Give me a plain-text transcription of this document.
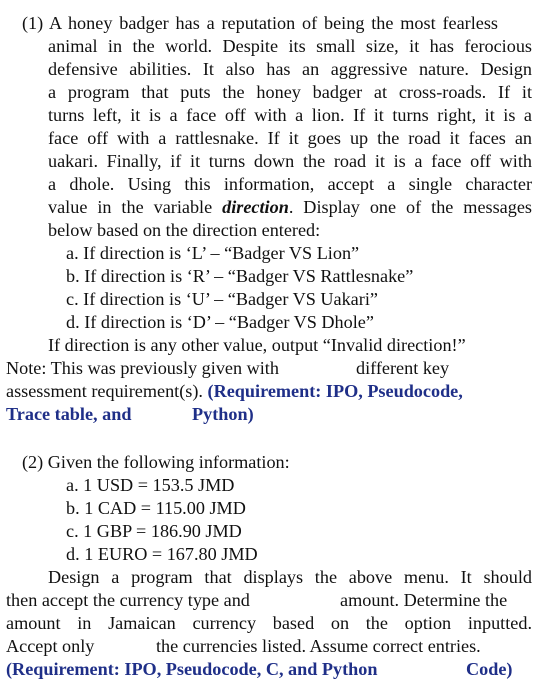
(1) A honey badger has a reputation of being the most fearless
animal in the world. Despite its small size, it has ferocious
defensive abilities. It also has an aggressive nature. Design
a program that puts the honey badger at cross-roads. If it
turns left, it is a face off with a lion. If it turns right, it is a
face off with a rattlesnake. If it goes up the road it faces an
uakari. Finally, if it turns down the road it is a face off with
a dhole. Using this information, accept a single character
value in the variable direction. Display one of the messages
below based on the direction entered:
a. If direction is ‘L’ – “Badger VS Lion”
b. If direction is ‘R’ – “Badger VS Rattlesnake”
c. If direction is ‘U’ – “Badger VS Uakari”
d. If direction is ‘D’ – “Badger VS Dhole”
If direction is any other value, output “Invalid direction!”
Note: This was previously given with	different key
assessment requirement(s). (Requirement: IPO, Pseudocode,
Trace table, and	Python)
(2) Given the following information:
a. 1 USD = 153.5 JMD
b. 1 CAD = 115.00 JMD
c. 1 GBP = 186.90 JMD
d. 1 EURO = 167.80 JMD
Design a program that displays the above menu. It should
then accept the currency type and	amount. Determine the
amount in Jamaican currency based on the option inputted.
Accept only	the currencies listed. Assume correct entries.
(Requirement: IPO, Pseudocode, C, and Python	Code)
